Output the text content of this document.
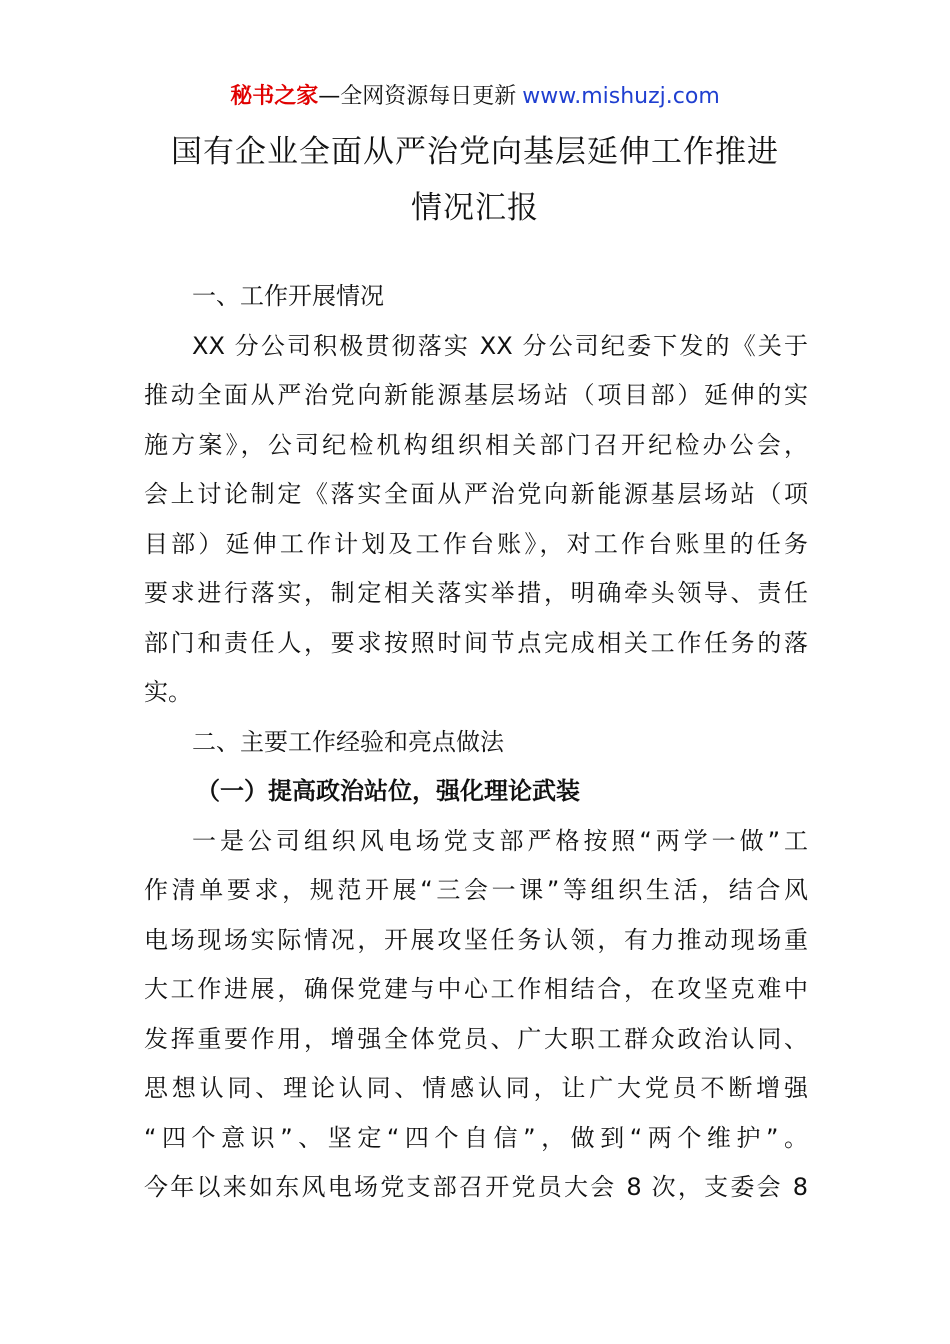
秘书之家—全网资源每日更新 www.mishuzj.com
国有企业全面从严治党向基层延伸工作推进
情况汇报

一、工作开展情况

XX 分公司积极贯彻落实 XX 分公司纪委下发的《关于
推动全面从严治党向新能源基层场站（项目部）延伸的实
施方案》，公司纪检机构组织相关部门召开纪检办公会，
会上讨论制定《落实全面从严治党向新能源基层场站（项
目部）延伸工作计划及工作台账》，对工作台账里的任务
要求进行落实，制定相关落实举措，明确牵头领导、责任
部门和责任人，要求按照时间节点完成相关工作任务的落
实。

二、主要工作经验和亮点做法

（一）提高政治站位，强化理论武装

一是公司组织风电场党支部严格按照“两学一做”工
作清单要求，规范开展“三会一课”等组织生活，结合风
电场现场实际情况，开展攻坚任务认领，有力推动现场重
大工作进展，确保党建与中心工作相结合，在攻坚克难中
发挥重要作用，增强全体党员、广大职工群众政治认同、
思想认同、理论认同、情感认同，让广大党员不断增强
“四个意识”、坚定“四个自信”，做到“两个维护”。
今年以来如东风电场党支部召开党员大会 8 次，支委会 8
